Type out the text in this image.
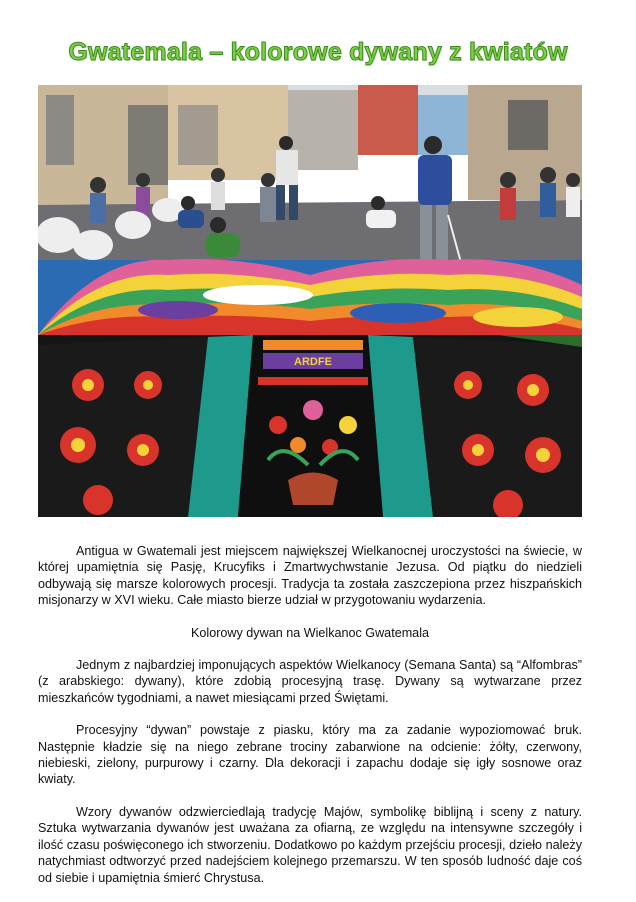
Gwatemala – kolorowe dywany z kwiatów
ARDFE

Antigua w Gwatemali jest miejscem największej Wielkanocnej uroczystości na świecie, w której upamiętnia się Pasję, Krucyfiks i Zmartwychwstanie Jezusa. Od piątku do niedzieli odbywają się marsze kolorowych procesji. Tradycja ta została zaszczepiona przez hiszpańskich misjonarzy w XVI wieku. Całe miasto bierze udział w przygotowaniu wydarzenia.

Kolorowy dywan na Wielkanoc Gwatemala

Jednym z najbardziej imponujących aspektów Wielkanocy (Semana Santa) są “Alfombras” (z arabskiego: dywany), które zdobią procesyjną trasę. Dywany są wytwarzane przez mieszkańców tygodniami, a nawet miesiącami przed Świętami.

Procesyjny “dywan” powstaje z piasku, który ma za zadanie wypoziomować bruk. Następnie kładzie się na niego zebrane trociny zabarwione na odcienie: żółty, czerwony, niebieski, zielony, purpurowy i czarny. Dla dekoracji i zapachu dodaje się igły sosnowe oraz kwiaty.

Wzory dywanów odzwierciedlają tradycję Majów, symbolikę biblijną i sceny z natury. Sztuka wytwarzania dywanów jest uważana za ofiarną, ze względu na intensywne szczegóły i ilość czasu poświęconego ich stworzeniu. Dodatkowo po każdym przejściu procesji, dzieło należy natychmiast odtworzyć przed nadejściem kolejnego przemarszu. W ten sposób ludność daje coś od siebie i upamiętnia śmierć Chrystusa.
